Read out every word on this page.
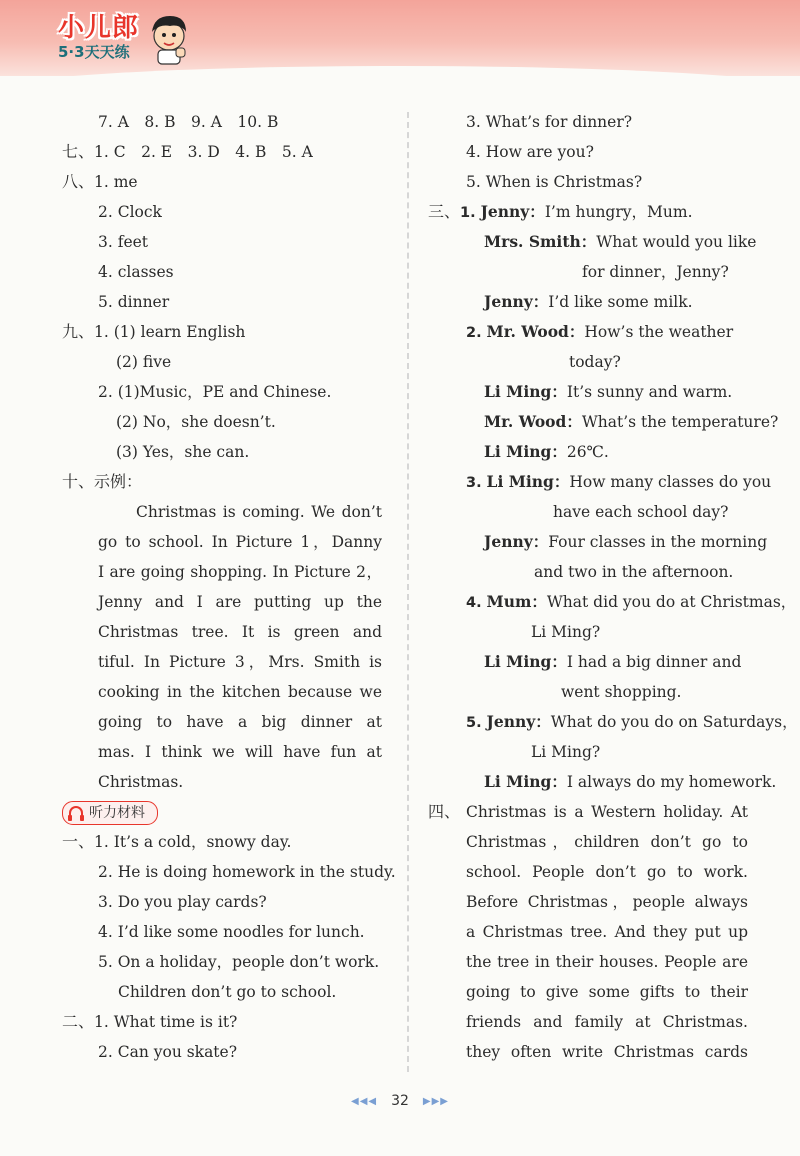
小儿郎
5·3天天练
7. A　8. B　9. A　10. B
七、1. C　2. E　3. D　4. B　5. A
八、1. me
2. Clock
3. feet
4. classes
5. dinner
九、1. (1) learn English
(2) five
2. (1)Music，PE and Chinese.
(2) No，she doesn’t.
(3) Yes，she can.
十、示例：
Christmas is coming. We don’t
go to school. In Picture 1，Danny
I are going shopping. In Picture 2，
Jenny and I are putting up the
Christmas tree. It is green and
tiful. In Picture 3，Mrs. Smith is
cooking in the kitchen because we
going to have a big dinner at
mas. I think we will have fun at
Christmas.
听力材料
一、1. It’s a cold，snowy day.
2. He is doing homework in the study.
3. Do you play cards?
4. I’d like some noodles for lunch.
5. On a holiday，people don’t work.
Children don’t go to school.
二、1. What time is it?
2. Can you skate?
3. What’s for dinner?
4. How are you?
5. When is Christmas?
三、1. Jenny：I’m hungry，Mum.
Mrs. Smith：What would you like
for dinner，Jenny?
Jenny：I’d like some milk.
2. Mr. Wood：How’s the weather
today?
Li Ming：It’s sunny and warm.
Mr. Wood：What’s the temperature?
Li Ming：26℃.
3. Li Ming：How many classes do you
have each school day?
Jenny：Four classes in the morning
and two in the afternoon.
4. Mum：What did you do at Christmas，
Li Ming?
Li Ming：I had a big dinner and
went shopping.
5. Jenny：What do you do on Saturdays，
Li Ming?
Li Ming：I always do my homework.
四、 Christmas is a Western holiday. At
Christmas，children don’t go to
school. People don’t go to work.
Before Christmas，people always
a Christmas tree. And they put up
the tree in their houses. People are
going to give some gifts to their
friends and family at Christmas.
they often write Christmas cards
◀◀◀ 32 ▶▶▶
